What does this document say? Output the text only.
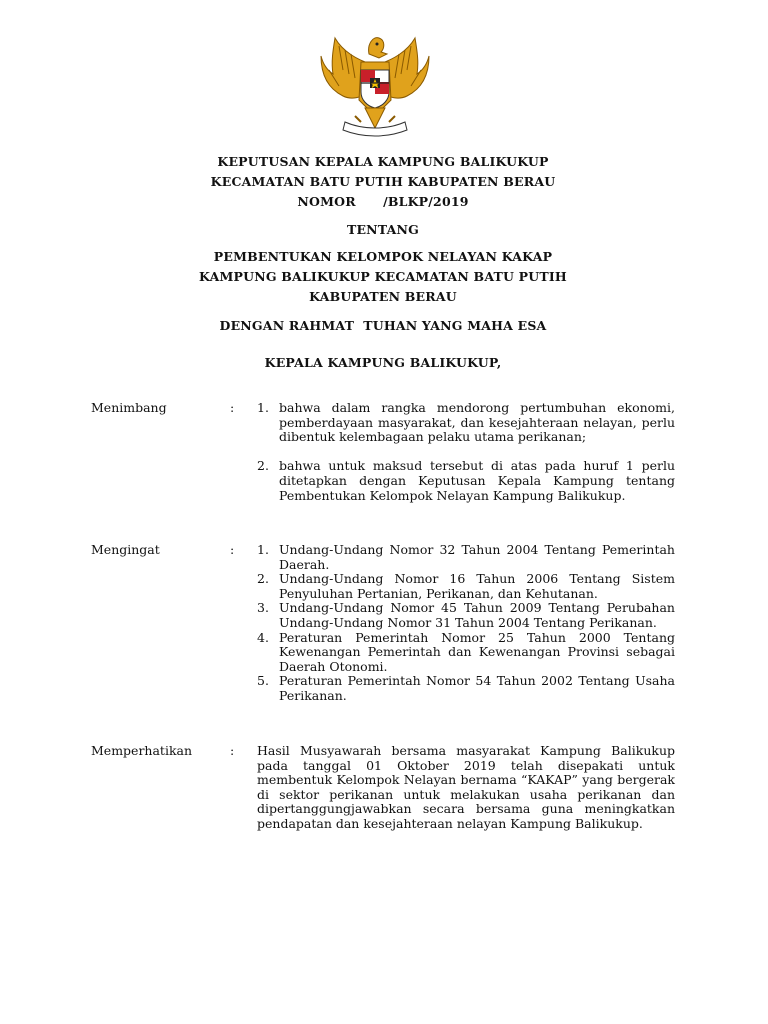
KEPUTUSAN KEPALA KAMPUNG BALIKUKUP
KECAMATAN BATU PUTIH KABUPATEN BERAU
NOMOR      /BLKP/2019
TENTANG
PEMBENTUKAN KELOMPOK NELAYAN KAKAP
KAMPUNG BALIKUKUP KECAMATAN BATU PUTIH
KABUPATEN BERAU
DENGAN RAHMAT  TUHAN YANG MAHA ESA
KEPALA KAMPUNG BALIKUKUP,
Menimbang	: 1. bahwa dalam rangka mendorong pertumbuhan ekonomi, pemberdayaan masyarakat, dan kesejahteraan nelayan, perlu dibentuk kelembagaan pelaku utama perikanan;
2. bahwa untuk maksud tersebut di atas pada huruf 1 perlu ditetapkan dengan Keputusan Kepala Kampung tentang Pembentukan Kelompok Nelayan Kampung Balikukup.
Mengingat	: 1. Undang-Undang Nomor 32 Tahun 2004 Tentang Pemerintah Daerah.
2. Undang-Undang Nomor 16 Tahun 2006 Tentang Sistem Penyuluhan Pertanian, Perikanan, dan Kehutanan.
3. Undang-Undang Nomor 45 Tahun 2009 Tentang Perubahan Undang-Undang Nomor 31 Tahun 2004 Tentang Perikanan.
4. Peraturan Pemerintah Nomor 25 Tahun 2000 Tentang Kewenangan Pemerintah dan Kewenangan Provinsi sebagai Daerah Otonomi.
5. Peraturan Pemerintah Nomor 54 Tahun 2002 Tentang Usaha Perikanan.
Memperhatikan	: Hasil Musyawarah bersama masyarakat Kampung Balikukup pada tanggal 01 Oktober 2019 telah disepakati untuk membentuk Kelompok Nelayan bernama “KAKAP” yang bergerak di sektor perikanan untuk melakukan usaha perikanan dan dipertanggungjawabkan secara bersama guna meningkatkan pendapatan dan kesejahteraan nelayan Kampung Balikukup.
